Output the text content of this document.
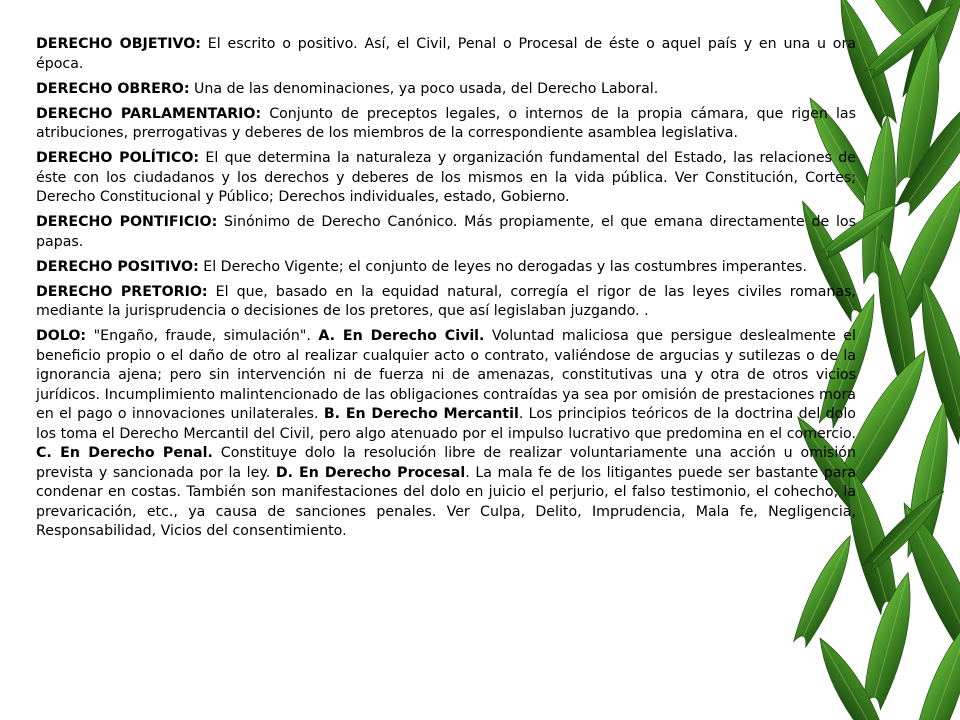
DERECHO OBJETIVO: El escrito o positivo. Así, el Civil, Penal o Procesal de éste o aquel país y en una u ora época.

DERECHO OBRERO: Una de las denominaciones, ya poco usada, del Derecho Laboral.

DERECHO PARLAMENTARIO: Conjunto de preceptos legales, o internos de la propia cámara, que rigen las atribuciones, prerrogativas y deberes de los miembros de la correspondiente asamblea legislativa.

DERECHO POLÍTICO: El que determina la naturaleza y organización fundamental del Estado, las relaciones de éste con los ciudadanos y los derechos y deberes de los mismos en la vida pública. Ver Constitución, Cortes; Derecho Constitucional y Público; Derechos individuales, estado, Gobierno.

DERECHO PONTIFICIO: Sinónimo de Derecho Canónico. Más propiamente, el que emana directamente de los papas.

DERECHO POSITIVO: El Derecho Vigente; el conjunto de leyes no derogadas y las costumbres imperantes.

DERECHO PRETORIO: El que, basado en la equidad natural, corregía el rigor de las leyes civiles romanas, mediante la jurisprudencia o decisiones de los pretores, que así legislaban juzgando. .

DOLO: "Engaño, fraude, simulación". A. En Derecho Civil. Voluntad maliciosa que persigue deslealmente el beneficio propio o el daño de otro al realizar cualquier acto o contrato, valiéndose de argucias y sutilezas o de la ignorancia ajena; pero sin intervención ni de fuerza ni de amenazas, constitutivas una y otra de otros vicios jurídicos. Incumplimiento malintencionado de las obligaciones contraídas ya sea por omisión de prestaciones mora en el pago o innovaciones unilaterales. B. En Derecho Mercantil. Los principios teóricos de la doctrina del dolo los toma el Derecho Mercantil del Civil, pero algo atenuado por el impulso lucrativo que predomina en el comercio. C. En Derecho Penal. Constituye dolo la resolución libre de realizar voluntariamente una acción u omisión prevista y sancionada por la ley. D. En Derecho Procesal. La mala fe de los litigantes puede ser bastante para condenar en costas. También son manifestaciones del dolo en juicio el perjurio, el falso testimonio, el cohecho, la prevaricación, etc., ya causa de sanciones penales. Ver Culpa, Delito, Imprudencia, Mala fe, Negligencia, Responsabilidad, Vicios del consentimiento.
